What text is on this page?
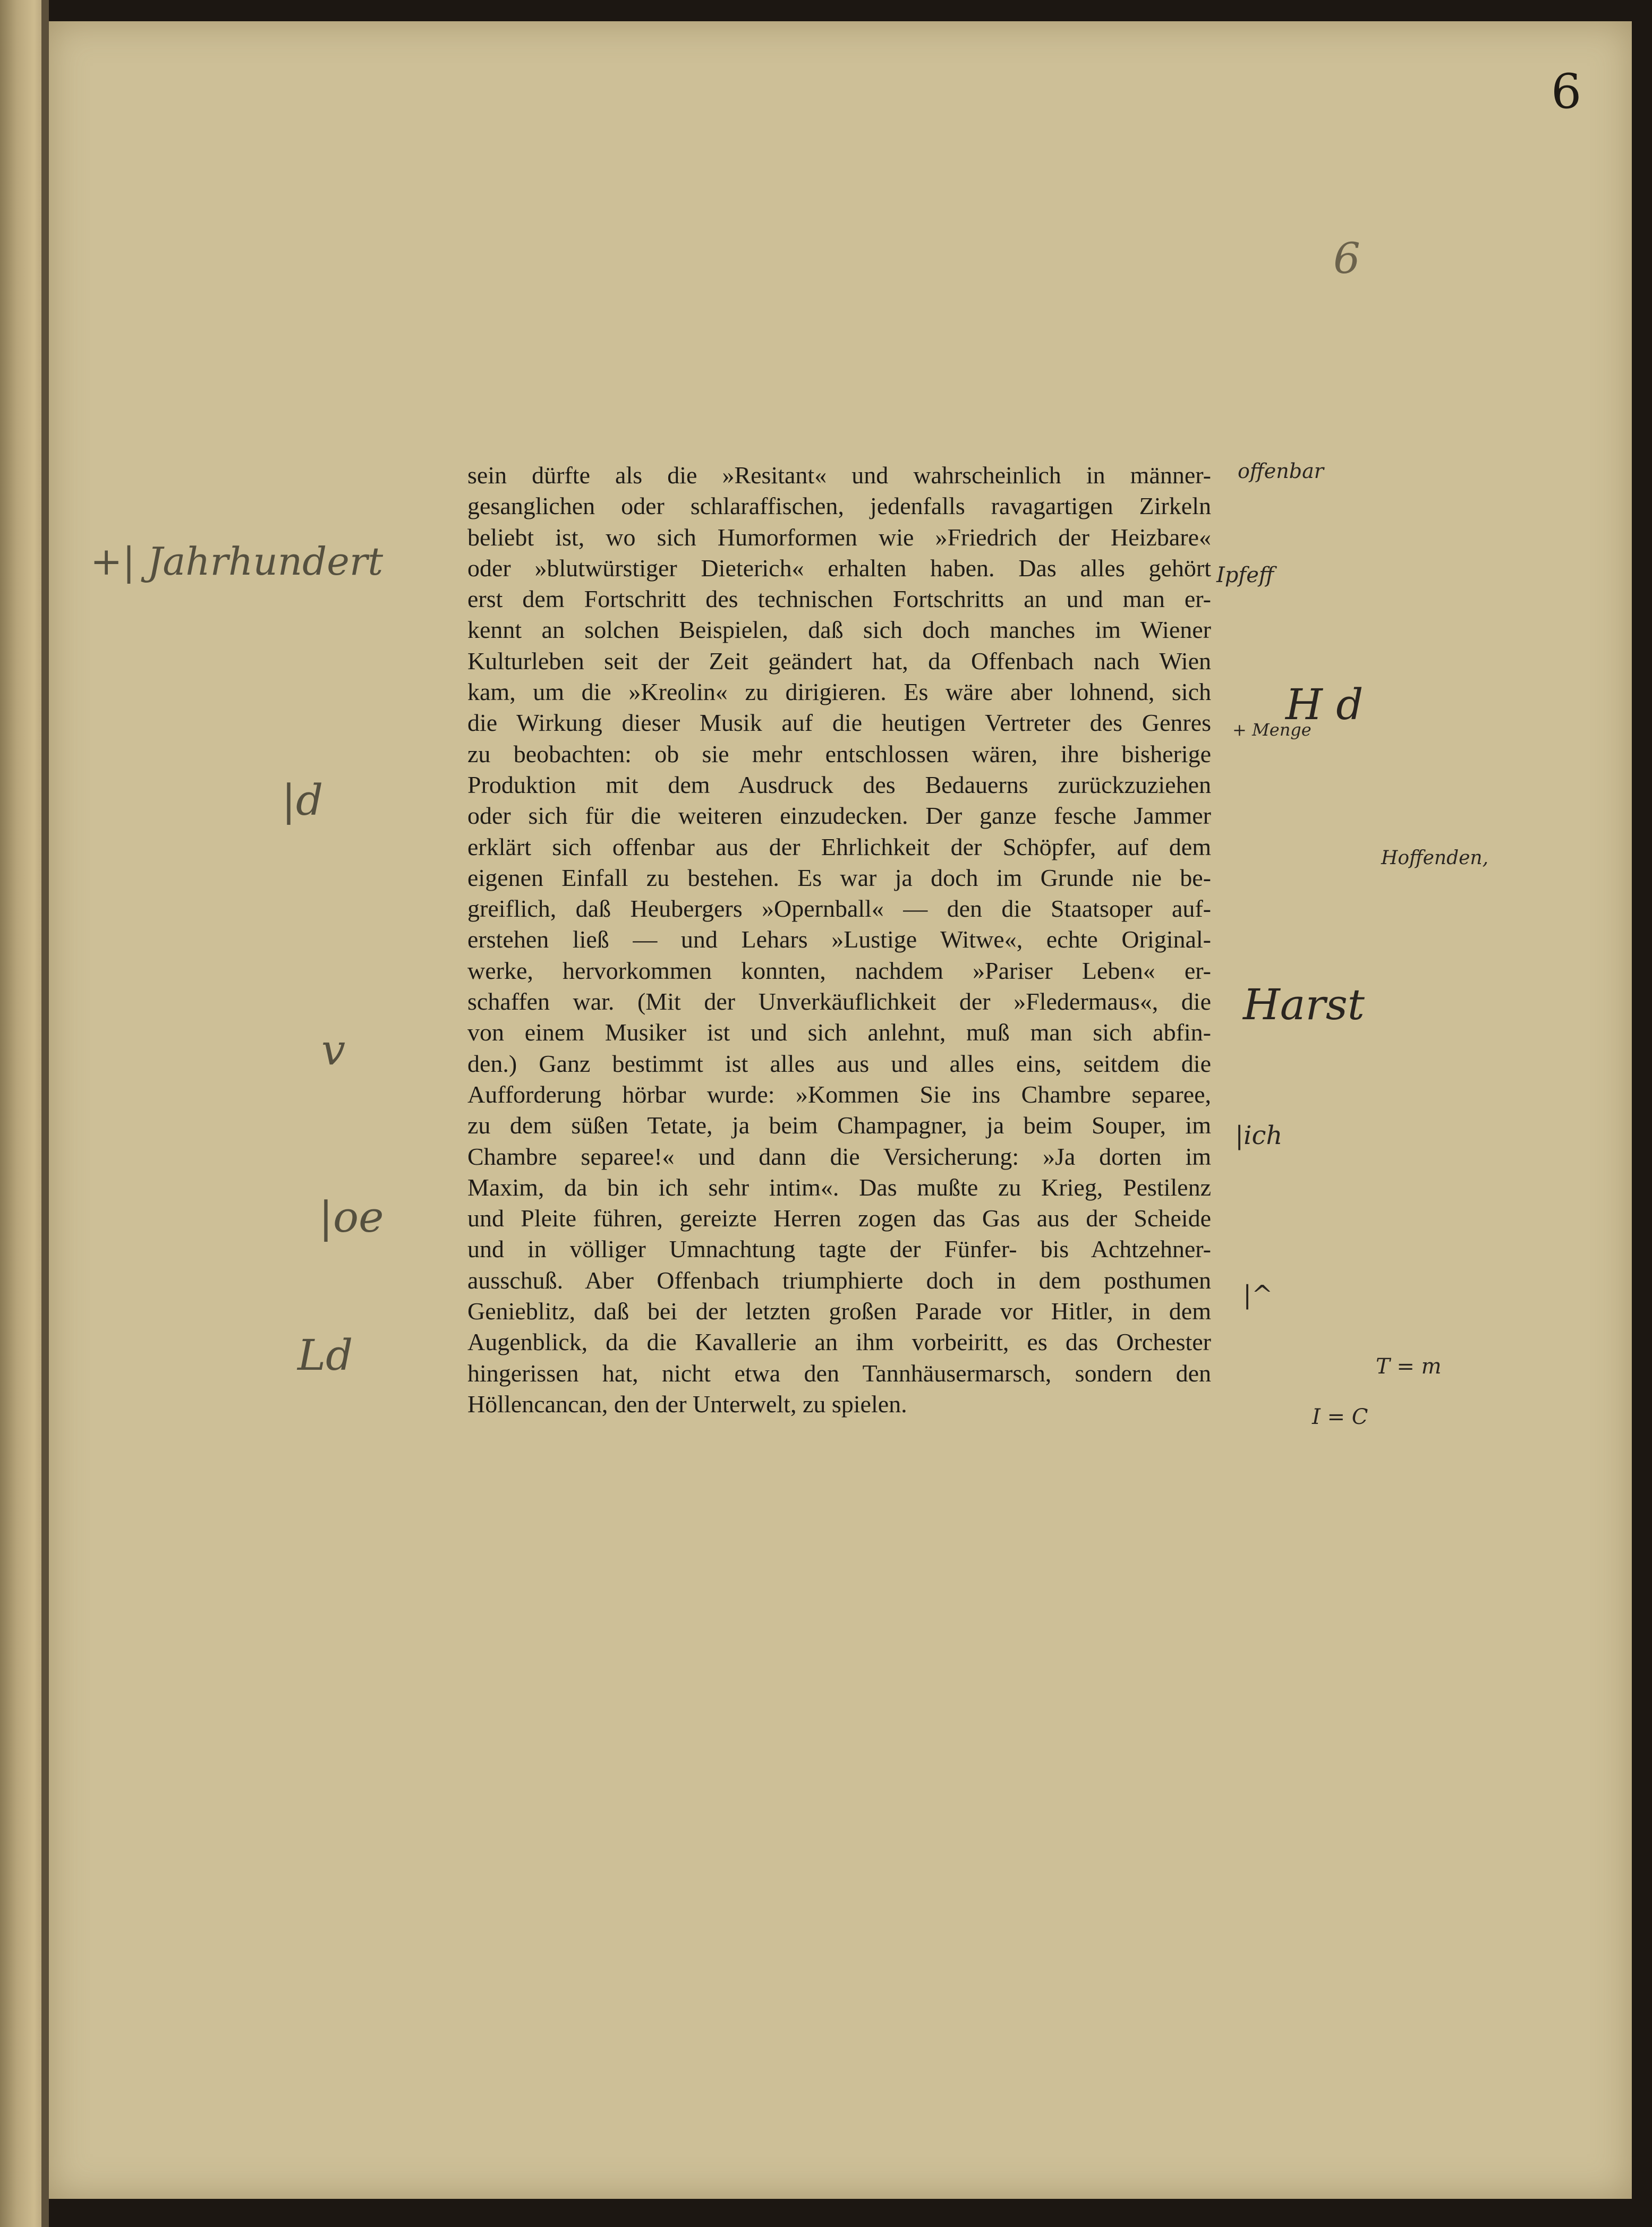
6
6

sein dürfte als die »Resitant« und wahrscheinlich in männer-
gesanglichen oder schlaraffischen, jedenfalls ravagartigen Zirkeln
beliebt ist, wo sich Humorformen wie »Friedrich der Heizbare«
oder »blutwürstiger Dieterich« erhalten haben. Das alles gehört
erst dem Fortschritt des technischen Fortschritts an und man er-
kennt an solchen Beispielen, daß sich doch manches im Wiener
Kulturleben seit der Zeit geändert hat, da Offenbach nach Wien
kam, um die »Kreolin« zu dirigieren. Es wäre aber lohnend, sich
die Wirkung dieser Musik auf die heutigen Vertreter des Genres
zu beobachten: ob sie mehr entschlossen wären, ihre bisherige
Produktion mit dem Ausdruck des Bedauerns zurückzuziehen
oder sich für die weiteren einzudecken. Der ganze fesche Jammer
erklärt sich offenbar aus der Ehrlichkeit der Schöpfer, auf dem
eigenen Einfall zu bestehen. Es war ja doch im Grunde nie be-
greiflich, daß Heubergers »Opernball« — den die Staatsoper auf-
erstehen ließ — und Lehars »Lustige Witwe«, echte Original-
werke, hervorkommen konnten, nachdem »Pariser Leben« er-
schaffen war. (Mit der Unverkäuflichkeit der »Fledermaus«, die
von einem Musiker ist und sich anlehnt, muß man sich abfin-
den.) Ganz bestimmt ist alles aus und alles eins, seitdem die
Aufforderung hörbar wurde: »Kommen Sie ins Chambre separee,
zu dem süßen Tetate, ja beim Champagner, ja beim Souper, im
Chambre separee!« und dann die Versicherung: »Ja dorten im
Maxim, da bin ich sehr intim«. Das mußte zu Krieg, Pestilenz
und Pleite führen, gereizte Herren zogen das Gas aus der Scheide
und in völliger Umnachtung tagte der Fünfer- bis Achtzehner-
ausschuß. Aber Offenbach triumphierte doch in dem posthumen
Genieblitz, daß bei der letzten großen Parade vor Hitler, in dem
Augenblick, da die Kavallerie an ihm vorbeiritt, es das Orchester
hingerissen hat, nicht etwa den Tannhäusermarsch, sondern den
Höllencancan, den der Unterwelt, zu spielen.

+| Jahrhundert
|d
v
|oe
Ld
offenbar
Ipfeff
H d
+ Menge
Hoffenden,
Harst
|ich
|^
T = m
I = C
